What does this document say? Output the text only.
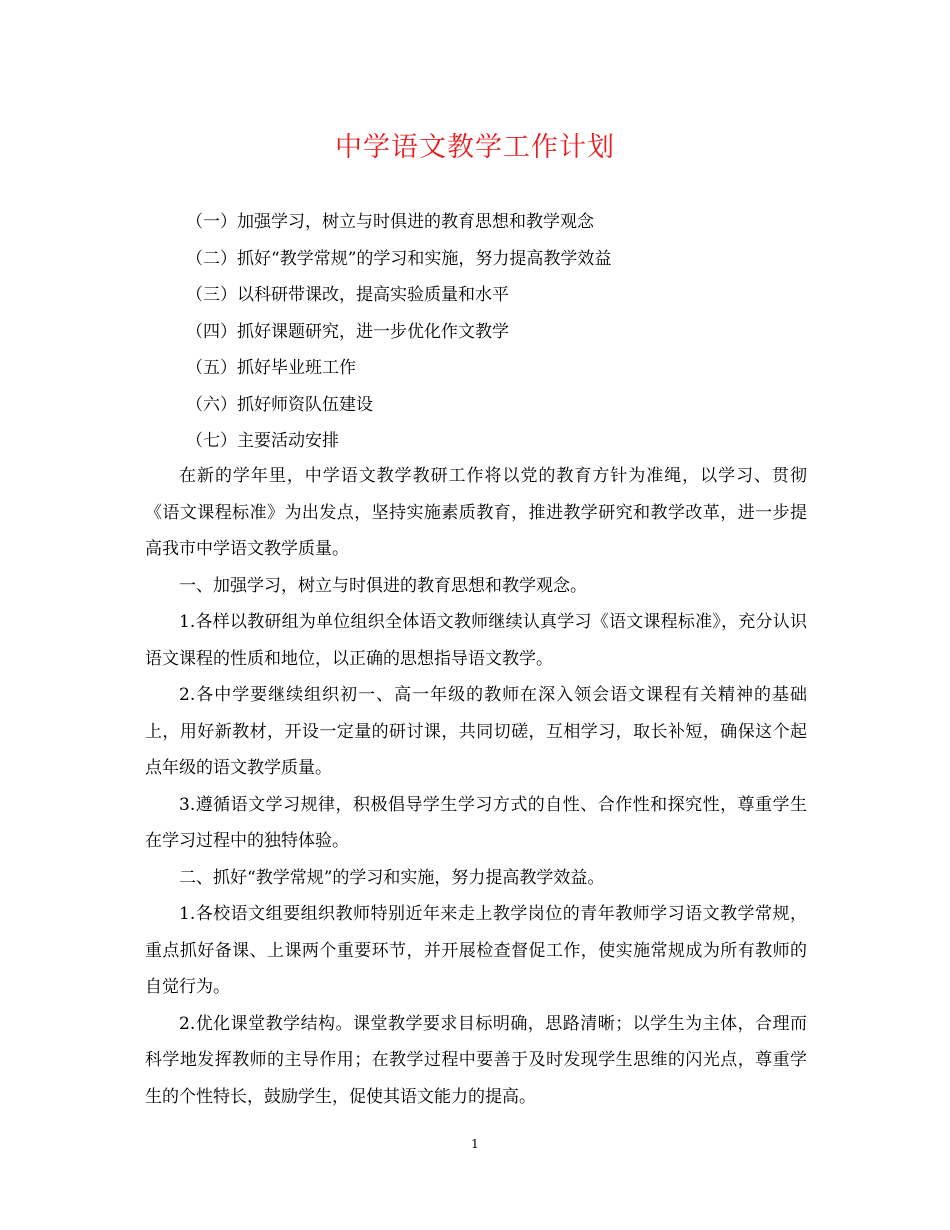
中学语文教学工作计划
（一）加强学习，树立与时俱进的教育思想和教学观念
（二）抓好“教学常规”的学习和实施，努力提高教学效益
（三）以科研带课改，提高实验质量和水平
（四）抓好课题研究，进一步优化作文教学
（五）抓好毕业班工作
（六）抓好师资队伍建设
（七）主要活动安排

在新的学年里，中学语文教学教研工作将以党的教育方针为准绳，以学习、贯彻《语文课程标准》为出发点，坚持实施素质教育，推进教学研究和教学改革，进一步提高我市中学语文教学质量。

一、加强学习，树立与时俱进的教育思想和教学观念。

1.各样以教研组为单位组织全体语文教师继续认真学习《语文课程标准》，充分认识语文课程的性质和地位，以正确的思想指导语文教学。

2.各中学要继续组织初一、高一年级的教师在深入领会语文课程有关精神的基础上，用好新教材，开设一定量的研讨课，共同切磋，互相学习，取长补短，确保这个起点年级的语文教学质量。

3.遵循语文学习规律，积极倡导学生学习方式的自性、合作性和探究性，尊重学生在学习过程中的独特体验。

二、抓好“教学常规”的学习和实施，努力提高教学效益。

1.各校语文组要组织教师特别近年来走上教学岗位的青年教师学习语文教学常规，重点抓好备课、上课两个重要环节，并开展检查督促工作，使实施常规成为所有教师的自觉行为。

2.优化课堂教学结构。课堂教学要求目标明确，思路清晰；以学生为主体，合理而科学地发挥教师的主导作用；在教学过程中要善于及时发现学生思维的闪光点，尊重学生的个性特长，鼓励学生，促使其语文能力的提高。

1
